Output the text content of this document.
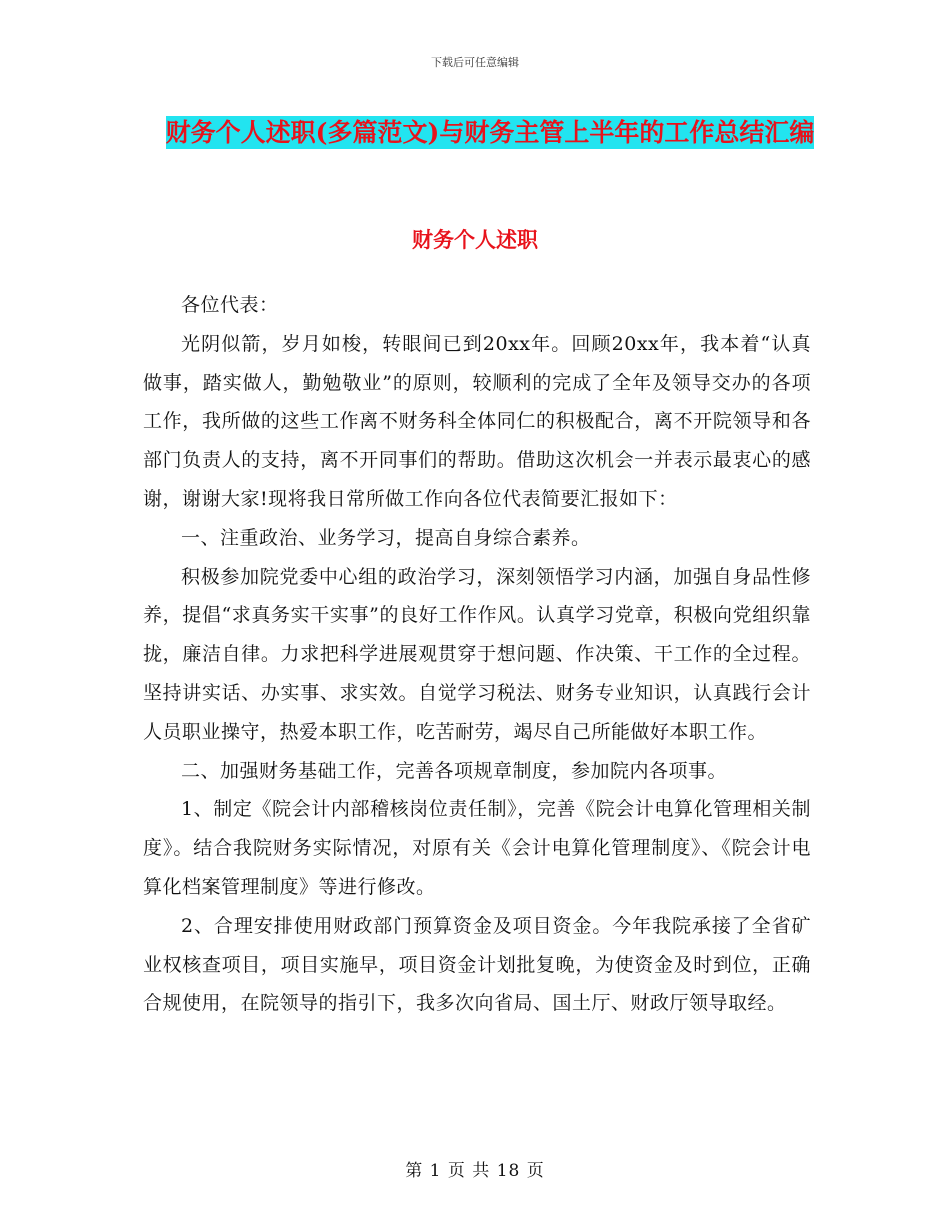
下载后可任意编辑
财务个人述职(多篇范文)与财务主管上半年的工作总结汇编
财务个人述职

各位代表：

光阴似箭，岁月如梭，转眼间已到20xx年。回顾20xx年，我本着“认真做事，踏实做人，勤勉敬业”的原则，较顺利的完成了全年及领导交办的各项工作，我所做的这些工作离不财务科全体同仁的积极配合，离不开院领导和各部门负责人的支持，离不开同事们的帮助。借助这次机会一并表示最衷心的感谢，谢谢大家!现将我日常所做工作向各位代表简要汇报如下：

一、注重政治、业务学习，提高自身综合素养。

积极参加院党委中心组的政治学习，深刻领悟学习内涵，加强自身品性修养，提倡“求真务实干实事”的良好工作作风。认真学习党章，积极向党组织靠拢，廉洁自律。力求把科学进展观贯穿于想问题、作决策、干工作的全过程。坚持讲实话、办实事、求实效。自觉学习税法、财务专业知识，认真践行会计人员职业操守，热爱本职工作，吃苦耐劳，竭尽自己所能做好本职工作。

二、加强财务基础工作，完善各项规章制度，参加院内各项事。

1、制定《院会计内部稽核岗位责任制》，完善《院会计电算化管理相关制度》。结合我院财务实际情况，对原有关《会计电算化管理制度》、《院会计电算化档案管理制度》等进行修改。

2、合理安排使用财政部门预算资金及项目资金。今年我院承接了全省矿业权核查项目，项目实施早，项目资金计划批复晚，为使资金及时到位，正确合规使用，在院领导的指引下，我多次向省局、国土厅、财政厅领导取经。

第 1 页 共 18 页
